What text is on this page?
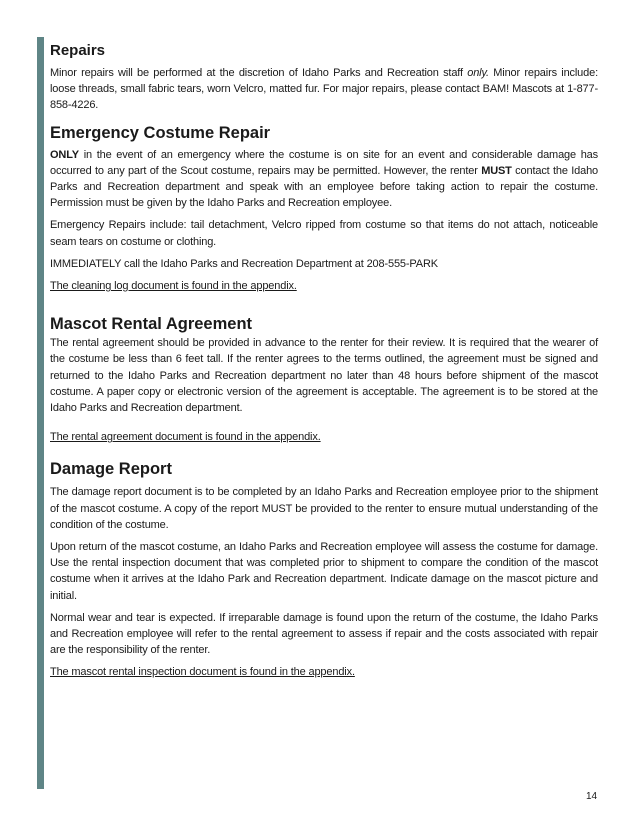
Repairs

Minor repairs will be performed at the discretion of Idaho Parks and Recreation staff only. Minor repairs include: loose threads, small fabric tears, worn Velcro, matted fur. For major repairs, please contact BAM! Mascots at 1-877-858-4226.

Emergency Costume Repair

ONLY in the event of an emergency where the costume is on site for an event and considerable damage has occurred to any part of the Scout costume, repairs may be permitted. However, the renter MUST contact the Idaho Parks and Recreation department and speak with an employee before taking action to repair the costume. Permission must be given by the Idaho Parks and Recreation employee.

Emergency Repairs include: tail detachment, Velcro ripped from costume so that items do not attach, noticeable seam tears on costume or clothing.

IMMEDIATELY call the Idaho Parks and Recreation Department at 208-555-PARK

The cleaning log document is found in the appendix.

Mascot Rental Agreement

The rental agreement should be provided in advance to the renter for their review. It is required that the wearer of the costume be less than 6 feet tall. If the renter agrees to the terms outlined, the agreement must be signed and returned to the Idaho Parks and Recreation department no later than 48 hours before shipment of the mascot costume. A paper copy or electronic version of the agreement is acceptable. The agreement is to be stored at the Idaho Parks and Recreation department.

The rental agreement document is found in the appendix.

Damage Report

The damage report document is to be completed by an Idaho Parks and Recreation employee prior to the shipment of the mascot costume. A copy of the report MUST be provided to the renter to ensure mutual understanding of the condition of the costume.

Upon return of the mascot costume, an Idaho Parks and Recreation employee will assess the costume for damage. Use the rental inspection document that was completed prior to shipment to compare the condition of the mascot costume when it arrives at the Idaho Park and Recreation department. Indicate damage on the mascot picture and initial.

Normal wear and tear is expected. If irreparable damage is found upon the return of the costume, the Idaho Parks and Recreation employee will refer to the rental agreement to assess if repair and the costs associated with repair are the responsibility of the renter.

The mascot rental inspection document is found in the appendix.

14
